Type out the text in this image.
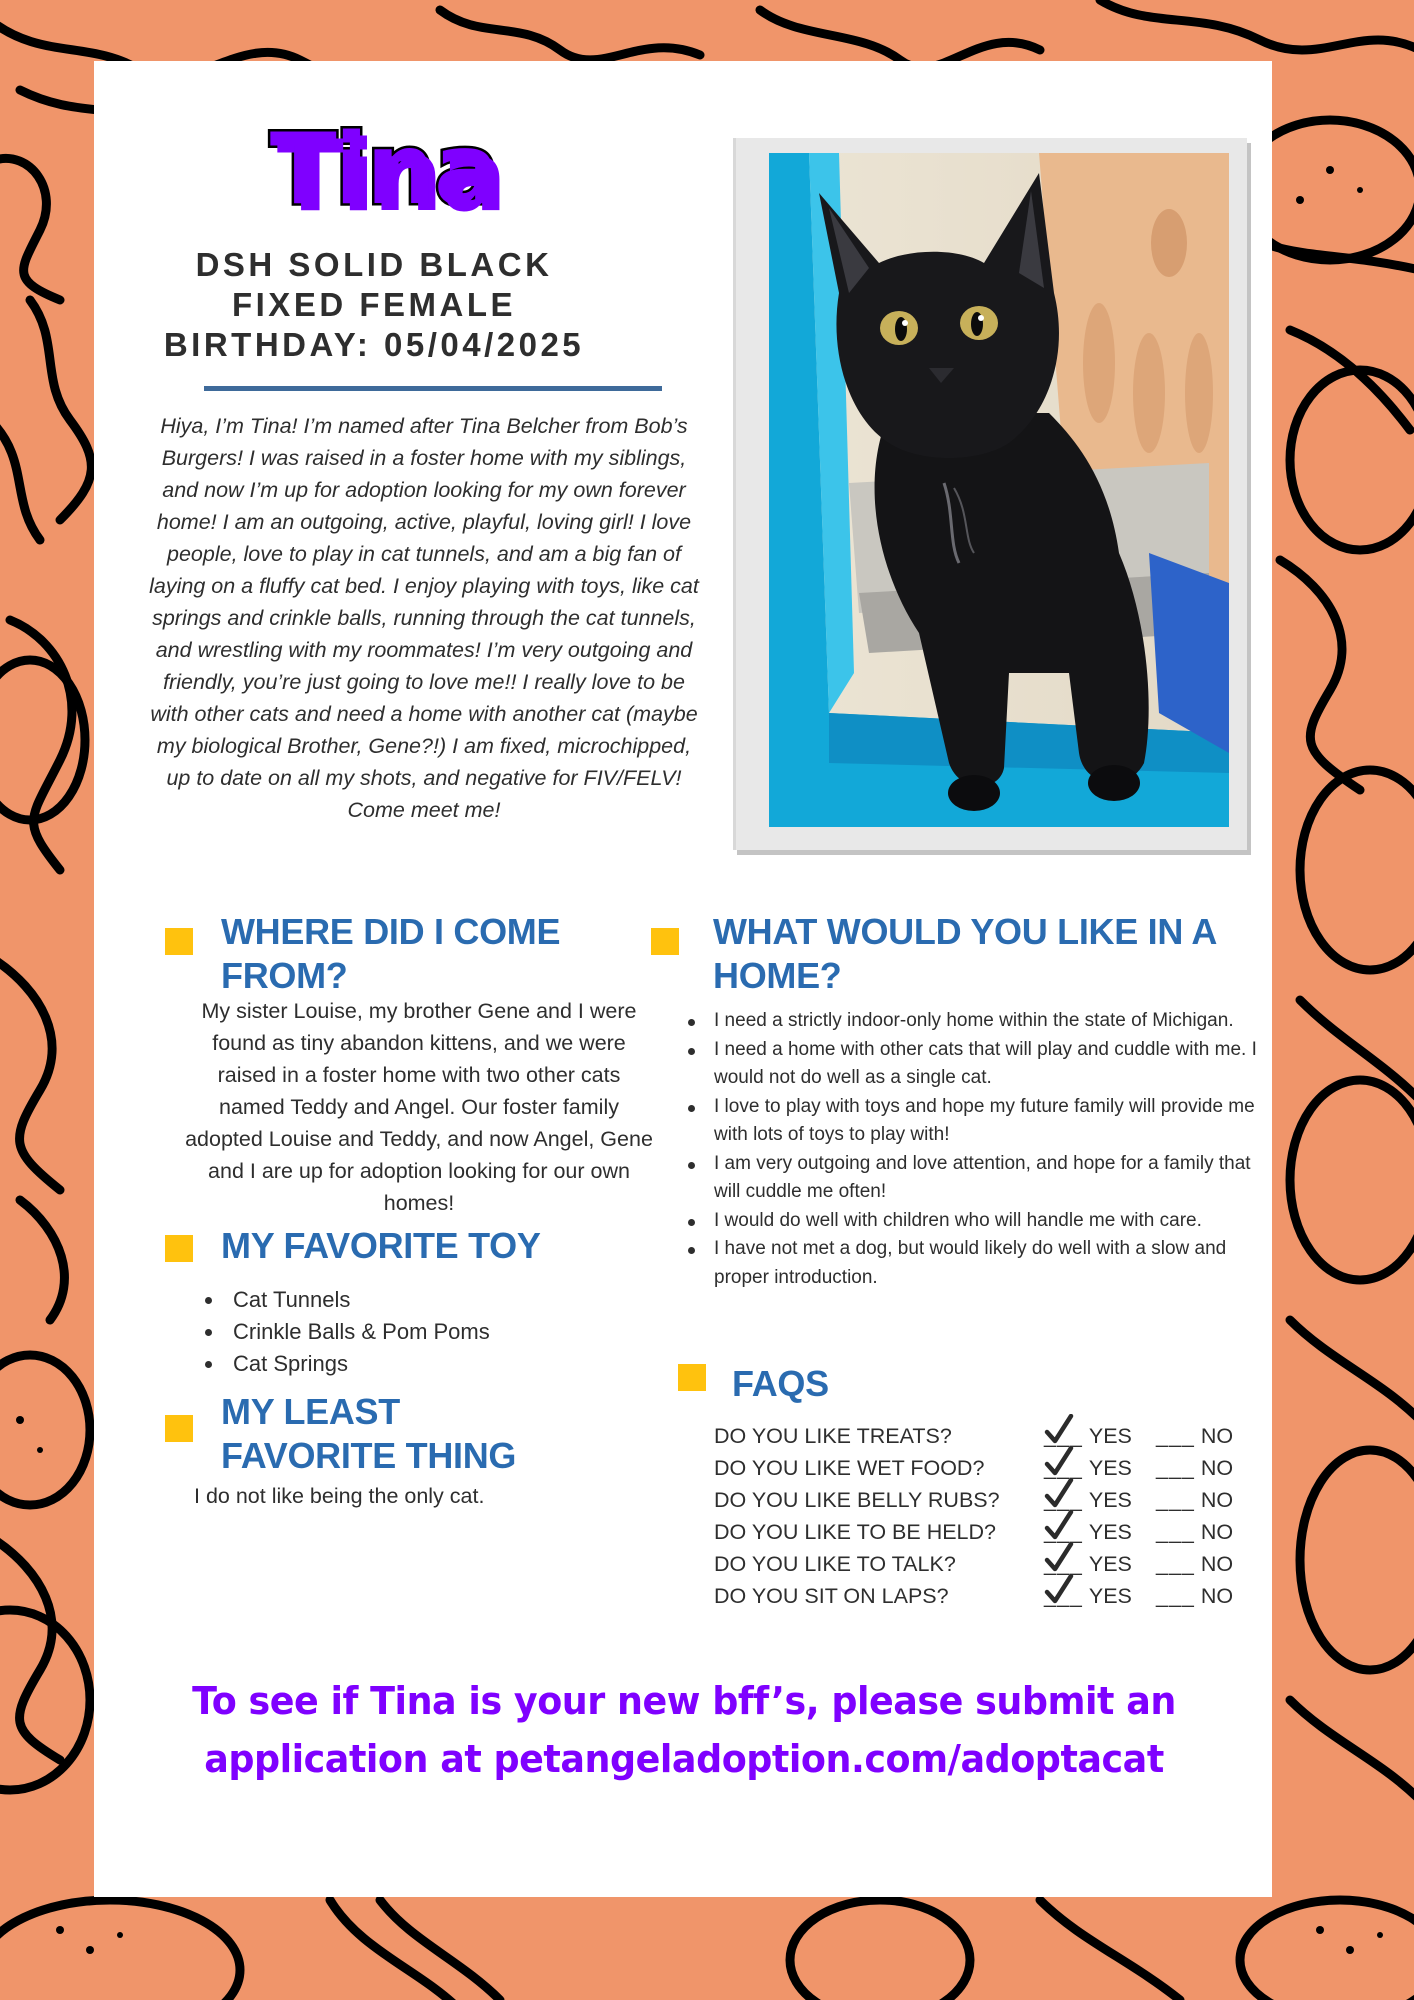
Tina
DSH SOLID BLACK
FIXED FEMALE
BIRTHDAY: 05/04/2025

Hiya, I’m Tina! I’m named after Tina Belcher from Bob’s Burgers! I was raised in a foster home with my siblings, and now I’m up for adoption looking for my own forever home! I am an outgoing, active, playful, loving girl! I love people, love to play in cat tunnels, and am a big fan of laying on a fluffy cat bed. I enjoy playing with toys, like cat springs and crinkle balls, running through the cat tunnels, and wrestling with my roommates! I’m very outgoing and friendly, you’re just going to love me!! I really love to be with other cats and need a home with another cat (maybe my biological Brother, Gene?!) I am fixed, microchipped, up to date on all my shots, and negative for FIV/FELV! Come meet me!

WHERE DID I COME FROM?

My sister Louise, my brother Gene and I were found as tiny abandon kittens, and we were raised in a foster home with two other cats named Teddy and Angel. Our foster family adopted Louise and Teddy, and now Angel, Gene and I are up for adoption looking for our own homes!

MY FAVORITE TOY
Cat Tunnels
Crinkle Balls & Pom Poms
Cat Springs
MY LEAST FAVORITE THING

I do not like being the only cat.

WHAT WOULD YOU LIKE IN A HOME?
I need a strictly indoor-only home within the state of Michigan.
I need a home with other cats that will play and cuddle with me. I would not do well as a single cat.
I love to play with toys and hope my future family will provide me with lots of toys to play with!
I am very outgoing and love attention, and hope for a family that will cuddle me often!
I would do well with children who will handle me with care.
I have not met a dog, but would likely do well with a slow and proper introduction.
FAQS
DO YOU LIKE TREATS?	___ YES ___ NO
DO YOU LIKE WET FOOD?	___ YES ___ NO
DO YOU LIKE BELLY RUBS?	___ YES ___ NO
DO YOU LIKE TO BE HELD?	___ YES ___ NO
DO YOU LIKE TO TALK?	___ YES ___ NO
DO YOU SIT ON LAPS?	___ YES ___ NO
To see if Tina is your new bff’s, please submit an
application at petangeladoption.com/adoptacat
